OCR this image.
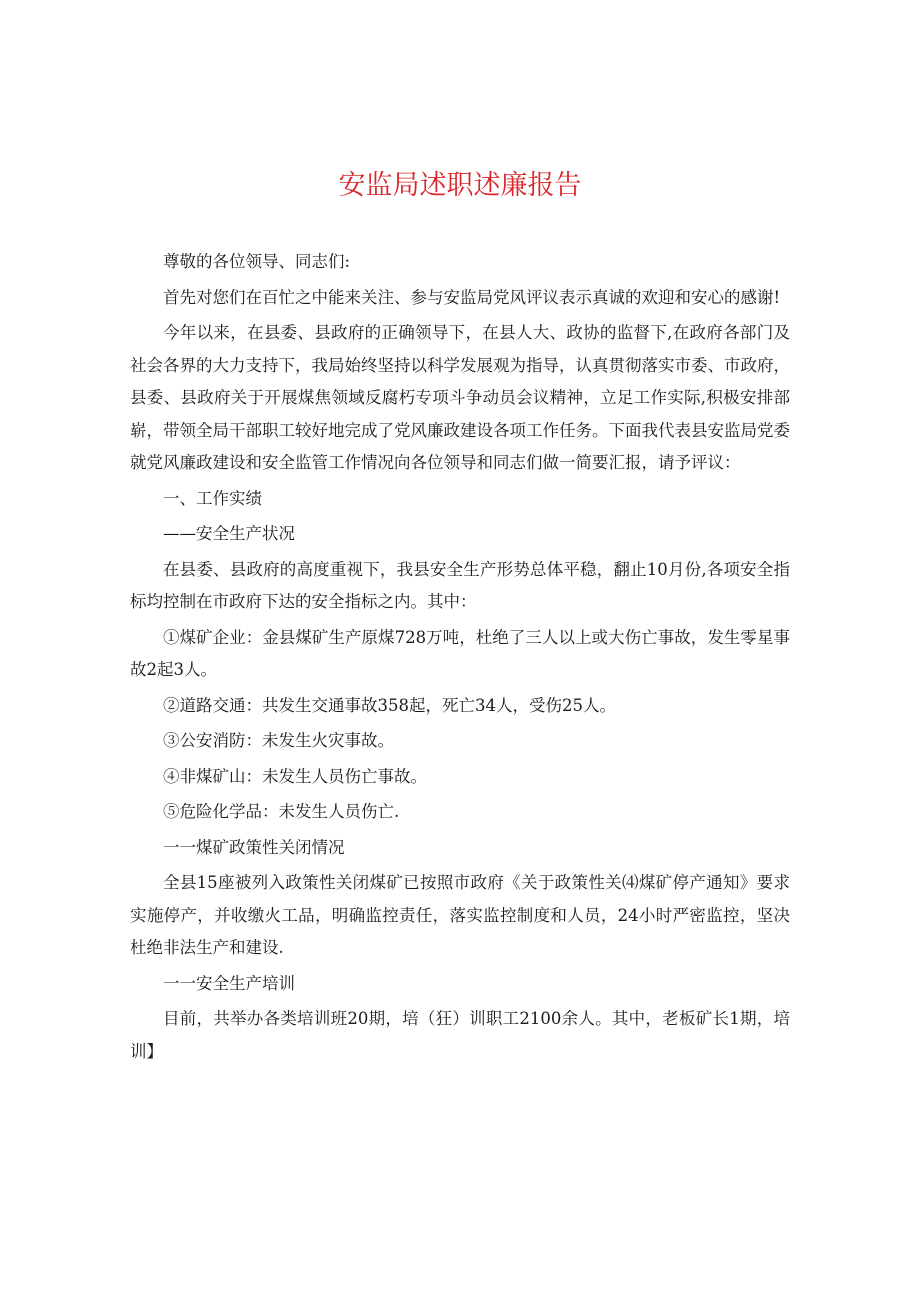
安监局述职述廉报告

尊敬的各位领导、同志们:

首先对您们在百忙之中能来关注、参与安监局党风评议表示真诚的欢迎和安心的感谢!

今年以来，在县委、县政府的正确领导下，在县人大、政协的监督下,在政府各部门及社会各界的大力支持下，我局始终坚持以科学发展观为指导，认真贯彻落实市委、市政府，县委、县政府关于开展煤焦领域反腐朽专项斗争动员会议精神，立足工作实际,积极安排部崭，带领全局干部职工较好地完成了党风廉政建设各项工作任务。下面我代表县安监局党委就党风廉政建设和安全监管工作情况向各位领导和同志们做一简要汇报，请予评议：

一、工作实绩

——安全生产状况

在县委、县政府的高度重视下，我县安全生产形势总体平稳，翻止10月份,各项安全指标均控制在市政府下达的安全指标之内。其中：

①煤矿企业：金县煤矿生产原煤728万吨，杜绝了三人以上或大伤亡事故，发生零星事故2起3人。

②道路交通：共发生交通事故358起，死亡34人，受伤25人。

③公安消防：未发生火灾事故。

④非煤矿山：未发生人员伤亡事故。

⑤危险化学品：未发生人员伤亡.

一一煤矿政策性关闭情况

全县15座被列入政策性关闭煤矿已按照市政府《关于政策性关⑷煤矿停产通知》要求实施停产，并收缴火工品，明确监控责任，落实监控制度和人员，24小时严密监控，坚决杜绝非法生产和建设.

一一安全生产培训

目前，共举办各类培训班20期，培（狂）训职工2100余人。其中，老板矿长1期，培训】
